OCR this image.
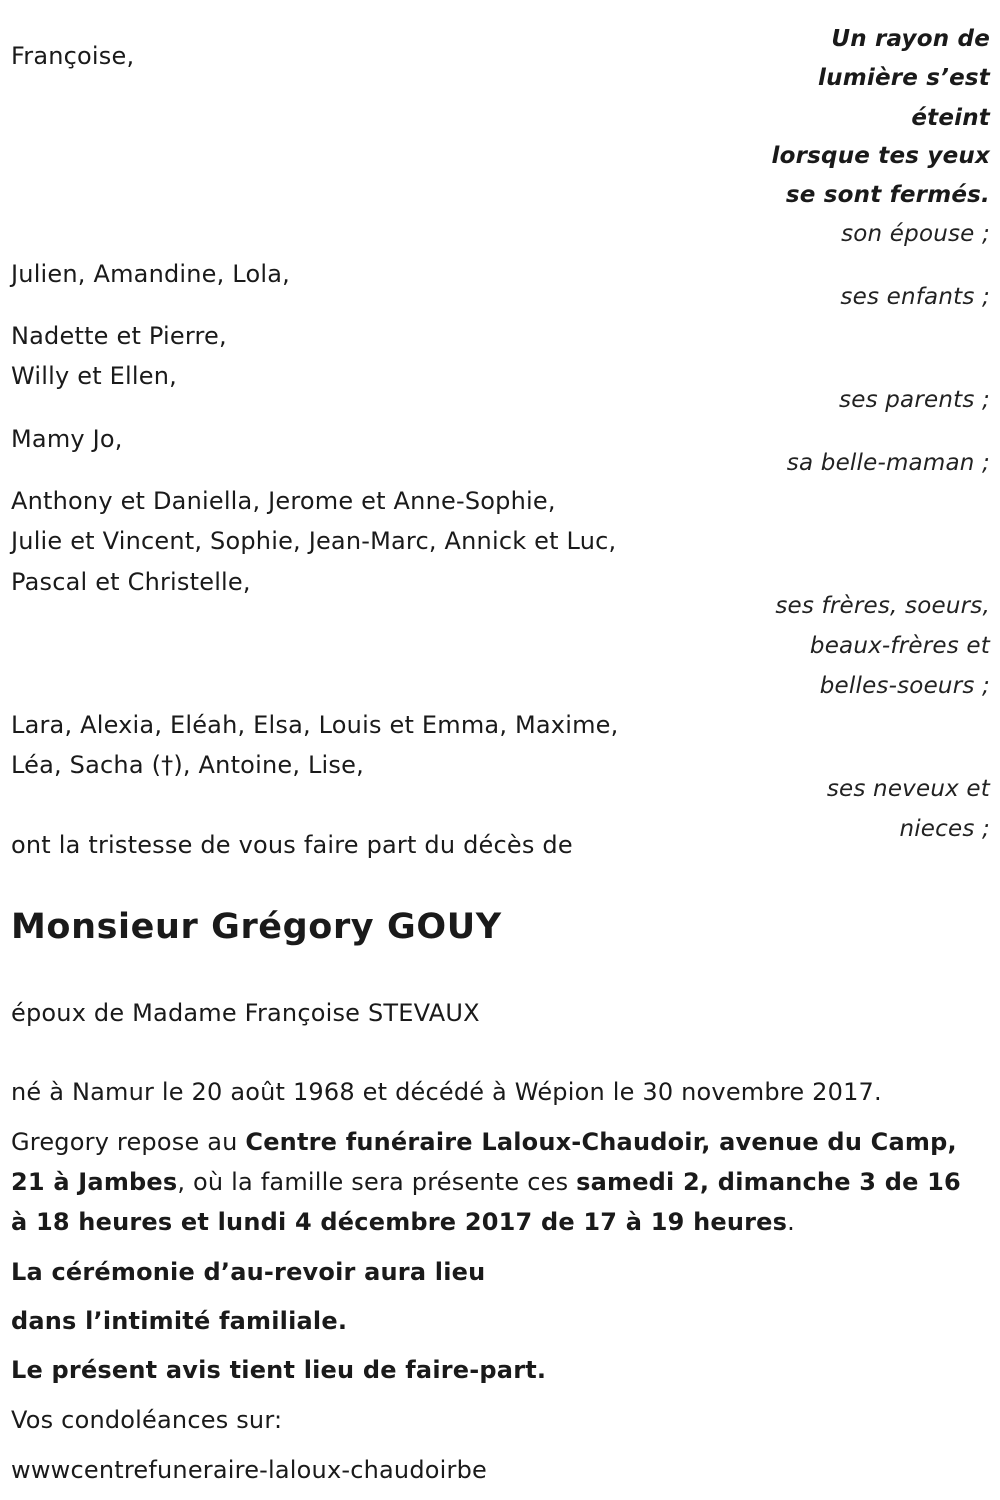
Un rayon de
lumière s’est
éteint
lorsque tes yeux
se sont fermés.
Françoise,
son épouse ;
Julien, Amandine, Lola,
ses enfants ;
Nadette et Pierre,
Willy et Ellen,
ses parents ;
Mamy Jo,
sa belle-maman ;
Anthony et Daniella, Jerome et Anne-Sophie,
Julie et Vincent, Sophie, Jean-Marc, Annick et Luc,
Pascal et Christelle,
ses frères, soeurs,
beaux-frères et
belles-soeurs ;
Lara, Alexia, Eléah, Elsa, Louis et Emma, Maxime,
Léa, Sacha (†), Antoine, Lise,
ses neveux et
nieces ;
ont la tristesse de vous faire part du décès de
Monsieur Grégory GOUY
époux de Madame Françoise STEVAUX
né à Namur le 20 août 1968 et décédé à Wépion le 30 novembre 2017.
Gregory repose au Centre funéraire Laloux-Chaudoir, avenue du Camp,
21 à Jambes, où la famille sera présente ces samedi 2, dimanche 3 de 16
à 18 heures et lundi 4 décembre 2017 de 17 à 19 heures.
La cérémonie d’au-revoir aura lieu
dans l’intimité familiale.
Le présent avis tient lieu de faire-part.
Vos condoléances sur:
wwwcentrefuneraire-laloux-chaudoirbe
